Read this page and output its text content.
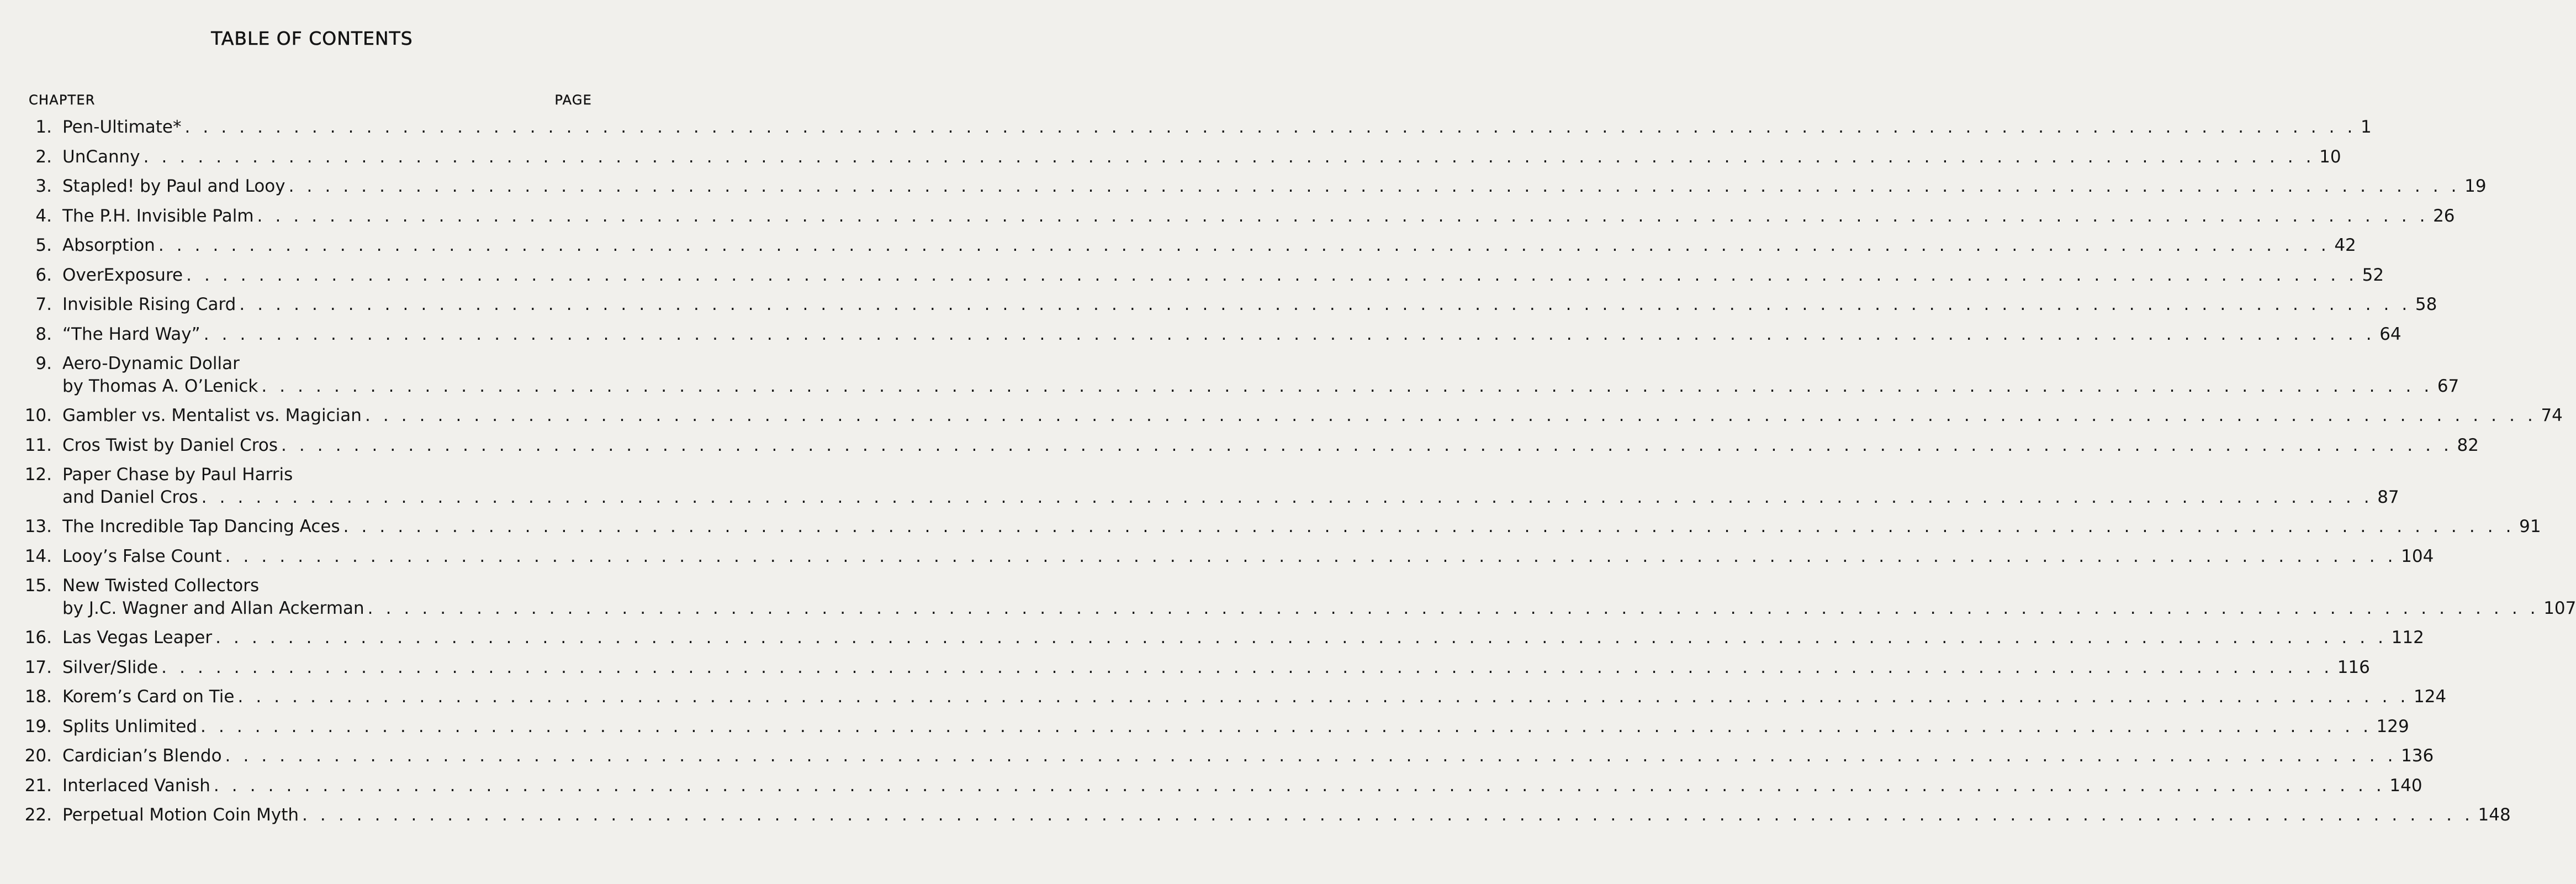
TABLE OF CONTENTS
CHAPTER	PAGE
1. Pen-Ultimate* . . . . . . . . . . . . . . . . . . . . . . . . . . . . . . . . . . . . . . . . . . . . . . . . . . . . . . . . . . . . . . . . . . . . . . . . . . . . . . . . . . . . . . . . . . . . . . . . . . . . . . . . . . . . . . . . . . . . . . . . 1
2. UnCanny . . . . . . . . . . . . . . . . . . . . . . . . . . . . . . . . . . . . . . . . . . . . . . . . . . . . . . . . . . . . . . . . . . . . . . . . . . . . . . . . . . . . . . . . . . . . . . . . . . . . . . . . . . . . . . . . . . . . . . . . 10
3. Stapled! by Paul and Looy . . . . . . . . . . . . . . . . . . . . . . . . . . . . . . . . . . . . . . . . . . . . . . . . . . . . . . . . . . . . . . . . . . . . . . . . . . . . . . . . . . . . . . . . . . . . . . . . . . . . . . . . . . . . . . . . . . . . . . . . 19
4. The P.H. Invisible Palm . . . . . . . . . . . . . . . . . . . . . . . . . . . . . . . . . . . . . . . . . . . . . . . . . . . . . . . . . . . . . . . . . . . . . . . . . . . . . . . . . . . . . . . . . . . . . . . . . . . . . . . . . . . . . . . . . . . . . . . . 26
5. Absorption . . . . . . . . . . . . . . . . . . . . . . . . . . . . . . . . . . . . . . . . . . . . . . . . . . . . . . . . . . . . . . . . . . . . . . . . . . . . . . . . . . . . . . . . . . . . . . . . . . . . . . . . . . . . . . . . . . . . . . . . 42
6. OverExposure . . . . . . . . . . . . . . . . . . . . . . . . . . . . . . . . . . . . . . . . . . . . . . . . . . . . . . . . . . . . . . . . . . . . . . . . . . . . . . . . . . . . . . . . . . . . . . . . . . . . . . . . . . . . . . . . . . . . . . . . 52
7. Invisible Rising Card . . . . . . . . . . . . . . . . . . . . . . . . . . . . . . . . . . . . . . . . . . . . . . . . . . . . . . . . . . . . . . . . . . . . . . . . . . . . . . . . . . . . . . . . . . . . . . . . . . . . . . . . . . . . . . . . . . . . . . . . 58
8. “The Hard Way” . . . . . . . . . . . . . . . . . . . . . . . . . . . . . . . . . . . . . . . . . . . . . . . . . . . . . . . . . . . . . . . . . . . . . . . . . . . . . . . . . . . . . . . . . . . . . . . . . . . . . . . . . . . . . . . . . . . . . . . . 64
9. Aero-Dynamic Dollar
by Thomas A. O’Lenick . . . . . . . . . . . . . . . . . . . . . . . . . . . . . . . . . . . . . . . . . . . . . . . . . . . . . . . . . . . . . . . . . . . . . . . . . . . . . . . . . . . . . . . . . . . . . . . . . . . . . . . . . . . . . . . . . . . . . . . . 67
10. Gambler vs. Mentalist vs. Magician . . . . . . . . . . . . . . . . . . . . . . . . . . . . . . . . . . . . . . . . . . . . . . . . . . . . . . . . . . . . . . . . . . . . . . . . . . . . . . . . . . . . . . . . . . . . . . . . . . . . . . . . . . . . . . . . . . . . . . . . 74
11. Cros Twist by Daniel Cros . . . . . . . . . . . . . . . . . . . . . . . . . . . . . . . . . . . . . . . . . . . . . . . . . . . . . . . . . . . . . . . . . . . . . . . . . . . . . . . . . . . . . . . . . . . . . . . . . . . . . . . . . . . . . . . . . . . . . . . . 82
12. Paper Chase by Paul Harris
and Daniel Cros . . . . . . . . . . . . . . . . . . . . . . . . . . . . . . . . . . . . . . . . . . . . . . . . . . . . . . . . . . . . . . . . . . . . . . . . . . . . . . . . . . . . . . . . . . . . . . . . . . . . . . . . . . . . . . . . . . . . . . . . 87
13. The Incredible Tap Dancing Aces . . . . . . . . . . . . . . . . . . . . . . . . . . . . . . . . . . . . . . . . . . . . . . . . . . . . . . . . . . . . . . . . . . . . . . . . . . . . . . . . . . . . . . . . . . . . . . . . . . . . . . . . . . . . . . . . . . . . . . . . 91
14. Looy’s False Count . . . . . . . . . . . . . . . . . . . . . . . . . . . . . . . . . . . . . . . . . . . . . . . . . . . . . . . . . . . . . . . . . . . . . . . . . . . . . . . . . . . . . . . . . . . . . . . . . . . . . . . . . . . . . . . . . . . . . . . . 104
15. New Twisted Collectors
by J.C. Wagner and Allan Ackerman . . . . . . . . . . . . . . . . . . . . . . . . . . . . . . . . . . . . . . . . . . . . . . . . . . . . . . . . . . . . . . . . . . . . . . . . . . . . . . . . . . . . . . . . . . . . . . . . . . . . . . . . . . . . . . . . . . . . . . . . 107
16. Las Vegas Leaper . . . . . . . . . . . . . . . . . . . . . . . . . . . . . . . . . . . . . . . . . . . . . . . . . . . . . . . . . . . . . . . . . . . . . . . . . . . . . . . . . . . . . . . . . . . . . . . . . . . . . . . . . . . . . . . . . . . . . . . . 112
17. Silver/Slide . . . . . . . . . . . . . . . . . . . . . . . . . . . . . . . . . . . . . . . . . . . . . . . . . . . . . . . . . . . . . . . . . . . . . . . . . . . . . . . . . . . . . . . . . . . . . . . . . . . . . . . . . . . . . . . . . . . . . . . . 116
18. Korem’s Card on Tie . . . . . . . . . . . . . . . . . . . . . . . . . . . . . . . . . . . . . . . . . . . . . . . . . . . . . . . . . . . . . . . . . . . . . . . . . . . . . . . . . . . . . . . . . . . . . . . . . . . . . . . . . . . . . . . . . . . . . . . . 124
19. Splits Unlimited . . . . . . . . . . . . . . . . . . . . . . . . . . . . . . . . . . . . . . . . . . . . . . . . . . . . . . . . . . . . . . . . . . . . . . . . . . . . . . . . . . . . . . . . . . . . . . . . . . . . . . . . . . . . . . . . . . . . . . . . 129
20. Cardician’s Blendo . . . . . . . . . . . . . . . . . . . . . . . . . . . . . . . . . . . . . . . . . . . . . . . . . . . . . . . . . . . . . . . . . . . . . . . . . . . . . . . . . . . . . . . . . . . . . . . . . . . . . . . . . . . . . . . . . . . . . . . . 136
21. Interlaced Vanish . . . . . . . . . . . . . . . . . . . . . . . . . . . . . . . . . . . . . . . . . . . . . . . . . . . . . . . . . . . . . . . . . . . . . . . . . . . . . . . . . . . . . . . . . . . . . . . . . . . . . . . . . . . . . . . . . . . . . . . . 140
22. Perpetual Motion Coin Myth . . . . . . . . . . . . . . . . . . . . . . . . . . . . . . . . . . . . . . . . . . . . . . . . . . . . . . . . . . . . . . . . . . . . . . . . . . . . . . . . . . . . . . . . . . . . . . . . . . . . . . . . . . . . . . . . . . . . . . . . 148
